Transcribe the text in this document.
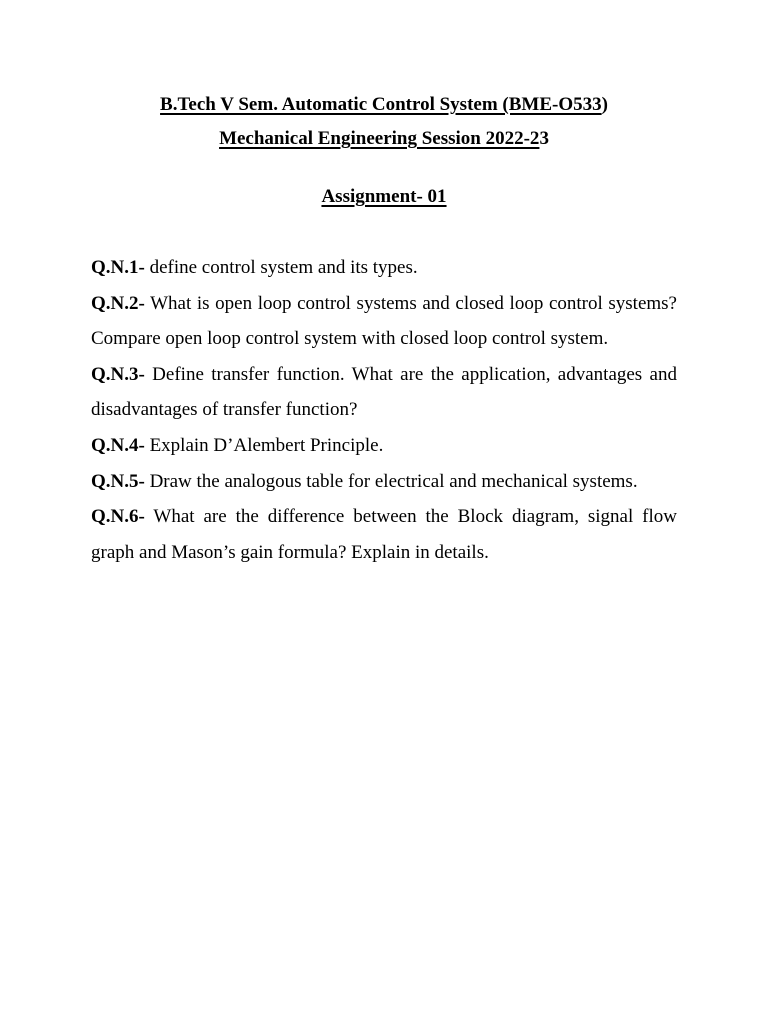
B.Tech V Sem. Automatic Control System (BME-O533)
Mechanical Engineering Session 2022-23
Assignment- 01

Q.N.1- define control system and its types.

Q.N.2- What is open loop control systems and closed loop control systems? Compare open loop control system with closed loop control system.

Q.N.3- Define transfer function. What are the application, advantages and disadvantages of transfer function?

Q.N.4- Explain D’Alembert Principle.

Q.N.5- Draw the analogous table for electrical and mechanical systems.

Q.N.6- What are the difference between the Block diagram, signal flow graph and Mason’s gain formula? Explain in details.
